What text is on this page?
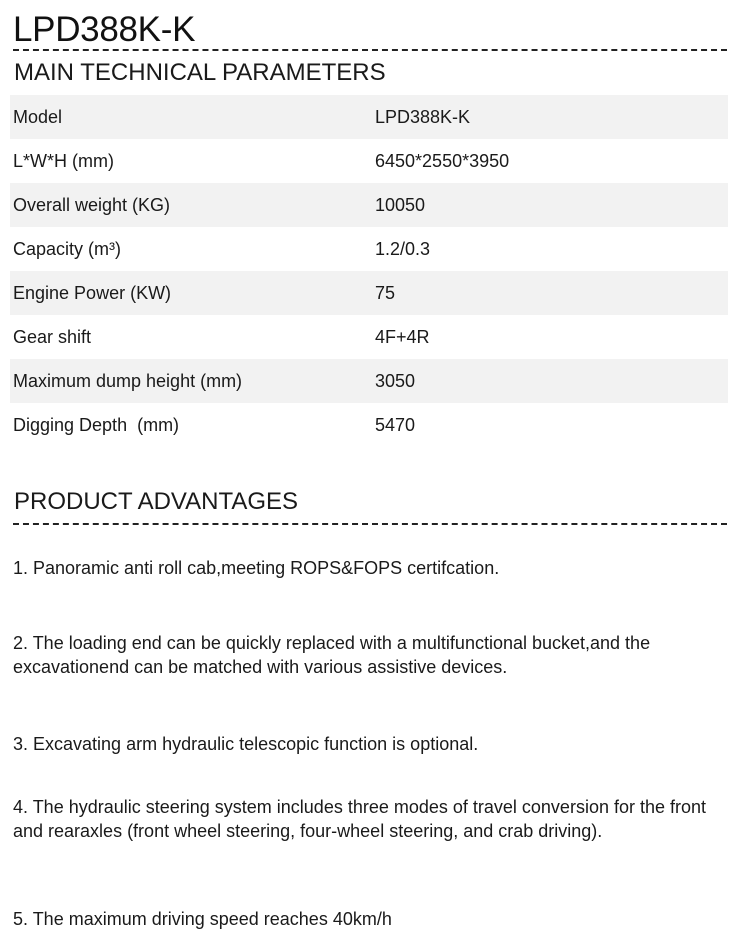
LPD388K-K
MAIN TECHNICAL PARAMETERS
Model	LPD388K-K
L*W*H (mm)	6450*2550*3950
Overall weight (KG)	10050
Capacity (m³)	1.2/0.3
Engine Power (KW)	75
Gear shift	4F+4R
Maximum dump height (mm)	3050
Digging Depth  (mm)	5470
PRODUCT ADVANTAGES
1. Panoramic anti roll cab,meeting ROPS&FOPS certifcation.
2. The loading end can be quickly replaced with a multifunctional bucket,and the excavationend can be matched with various assistive devices.
3. Excavating arm hydraulic telescopic function is optional.
4. The hydraulic steering system includes three modes of travel conversion for the front and rearaxles (front wheel steering, four-wheel steering, and crab driving).
5. The maximum driving speed reaches 40km/h
